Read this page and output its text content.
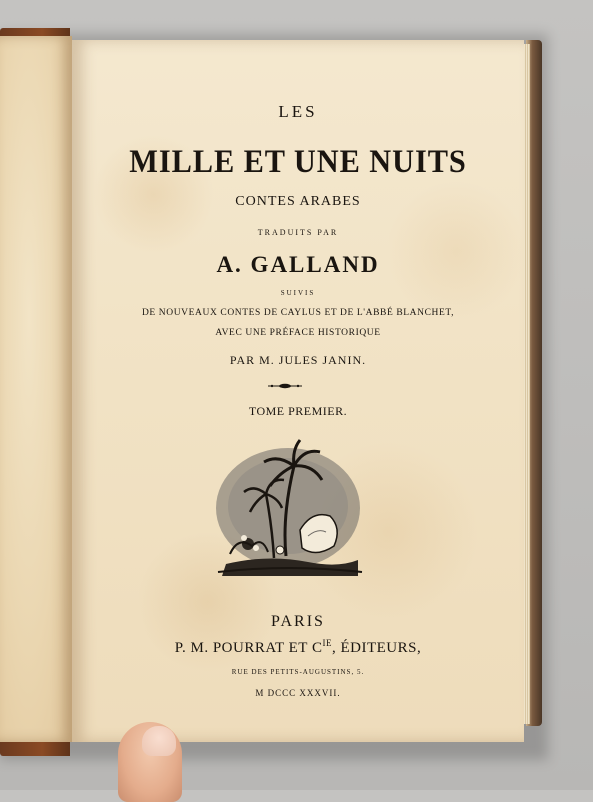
LES
MILLE ET UNE NUITS
CONTES ARABES
TRADUITS PAR
A. GALLAND
SUIVIS
DE NOUVEAUX CONTES DE CAYLUS ET DE L'ABBÉ BLANCHET,
AVEC UNE PRÉFACE HISTORIQUE
PAR M. JULES JANIN.
TOME PREMIER.
PARIS
P. M. POURRAT ET $C^{IE}$, ÉDITEURS,
RUE DES PETITS-AUGUSTINS, 5.
M DCCC XXXVII.
